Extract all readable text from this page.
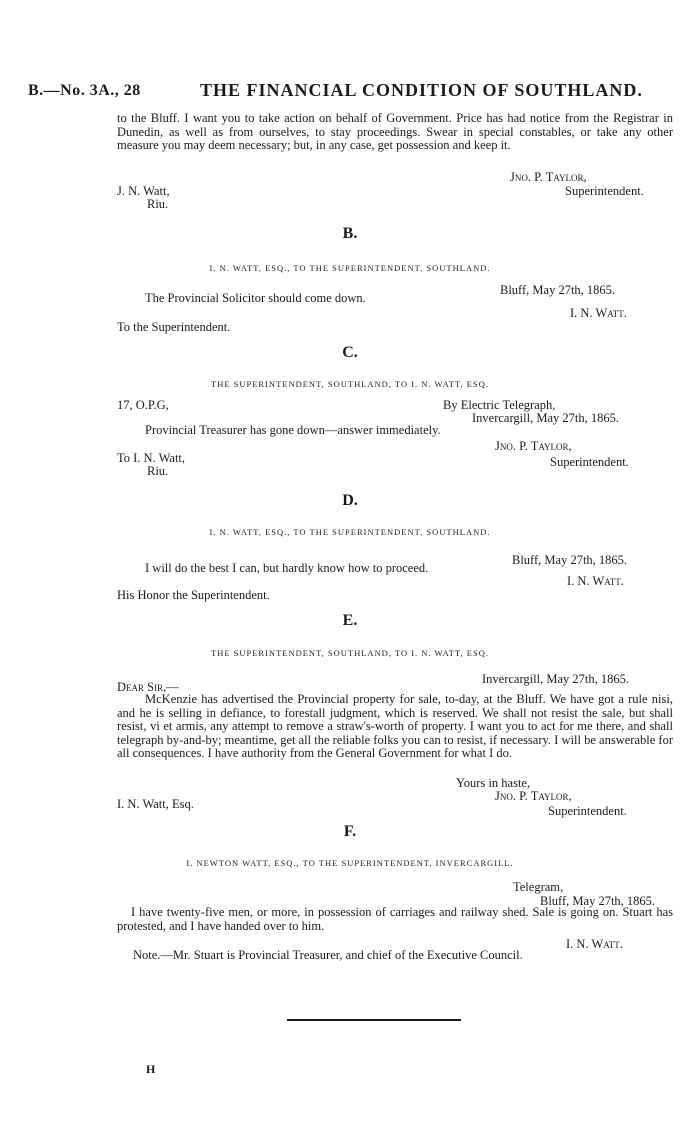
B.—No. 3A., 28	THE FINANCIAL CONDITION OF SOUTHLAND.

to the Bluff. I want you to take action on behalf of Government. Price has had notice from the Registrar in Dunedin, as well as from ourselves, to stay proceedings. Swear in special constables, or take any other measure you may deem necessary; but, in any case, get possession and keep it.

J. N. Watt,
Riu.
Jno. P. Taylor,
Superintendent.
B.
I. N. WATT, ESQ., TO THE SUPERINTENDENT, SOUTHLAND.
Bluff, May 27th, 1865.
The Provincial Solicitor should come down.
I. N. Watt.
To the Superintendent.
C.
THE SUPERINTENDENT, SOUTHLAND, TO I. N. WATT, ESQ.
17, O.P.G,	By Electric Telegraph,
Invercargill, May 27th, 1865.
Provincial Treasurer has gone down—answer immediately.
Jno. P. Taylor,
To I. N. Watt,	Superintendent.
Riu.
D.
I. N. WATT, ESQ., TO THE SUPERINTENDENT, SOUTHLAND.
Bluff, May 27th, 1865.
I will do the best I can, but hardly know how to proceed.
I. N. Watt.
His Honor the Superintendent.
E.
THE SUPERINTENDENT, SOUTHLAND, TO I. N. WATT, ESQ.
Invercargill, May 27th, 1865.
Dear Sir,—

McKenzie has advertised the Provincial property for sale, to-day, at the Bluff. We have got a rule nisi, and he is selling in defiance, to forestall judgment, which is reserved. We shall not resist the sale, but shall resist, vi et armis, any attempt to remove a straw's-worth of property. I want you to act for me there, and shall telegraph by-and-by; meantime, get all the reliable folks you can to resist, if necessary. I will be answerable for all consequences. I have authority from the General Government for what I do.

Yours in haste,
Jno. P. Taylor,
I. N. Watt, Esq.	Superintendent.
F.
I. NEWTON WATT, ESQ., TO THE SUPERINTENDENT, INVERCARGILL.
Telegram,
Bluff, May 27th, 1865.

I have twenty-five men, or more, in possession of carriages and railway shed. Sale is going on. Stuart has protested, and I have handed over to him.

I. N. Watt.
Note.—Mr. Stuart is Provincial Treasurer, and chief of the Executive Council.
H
